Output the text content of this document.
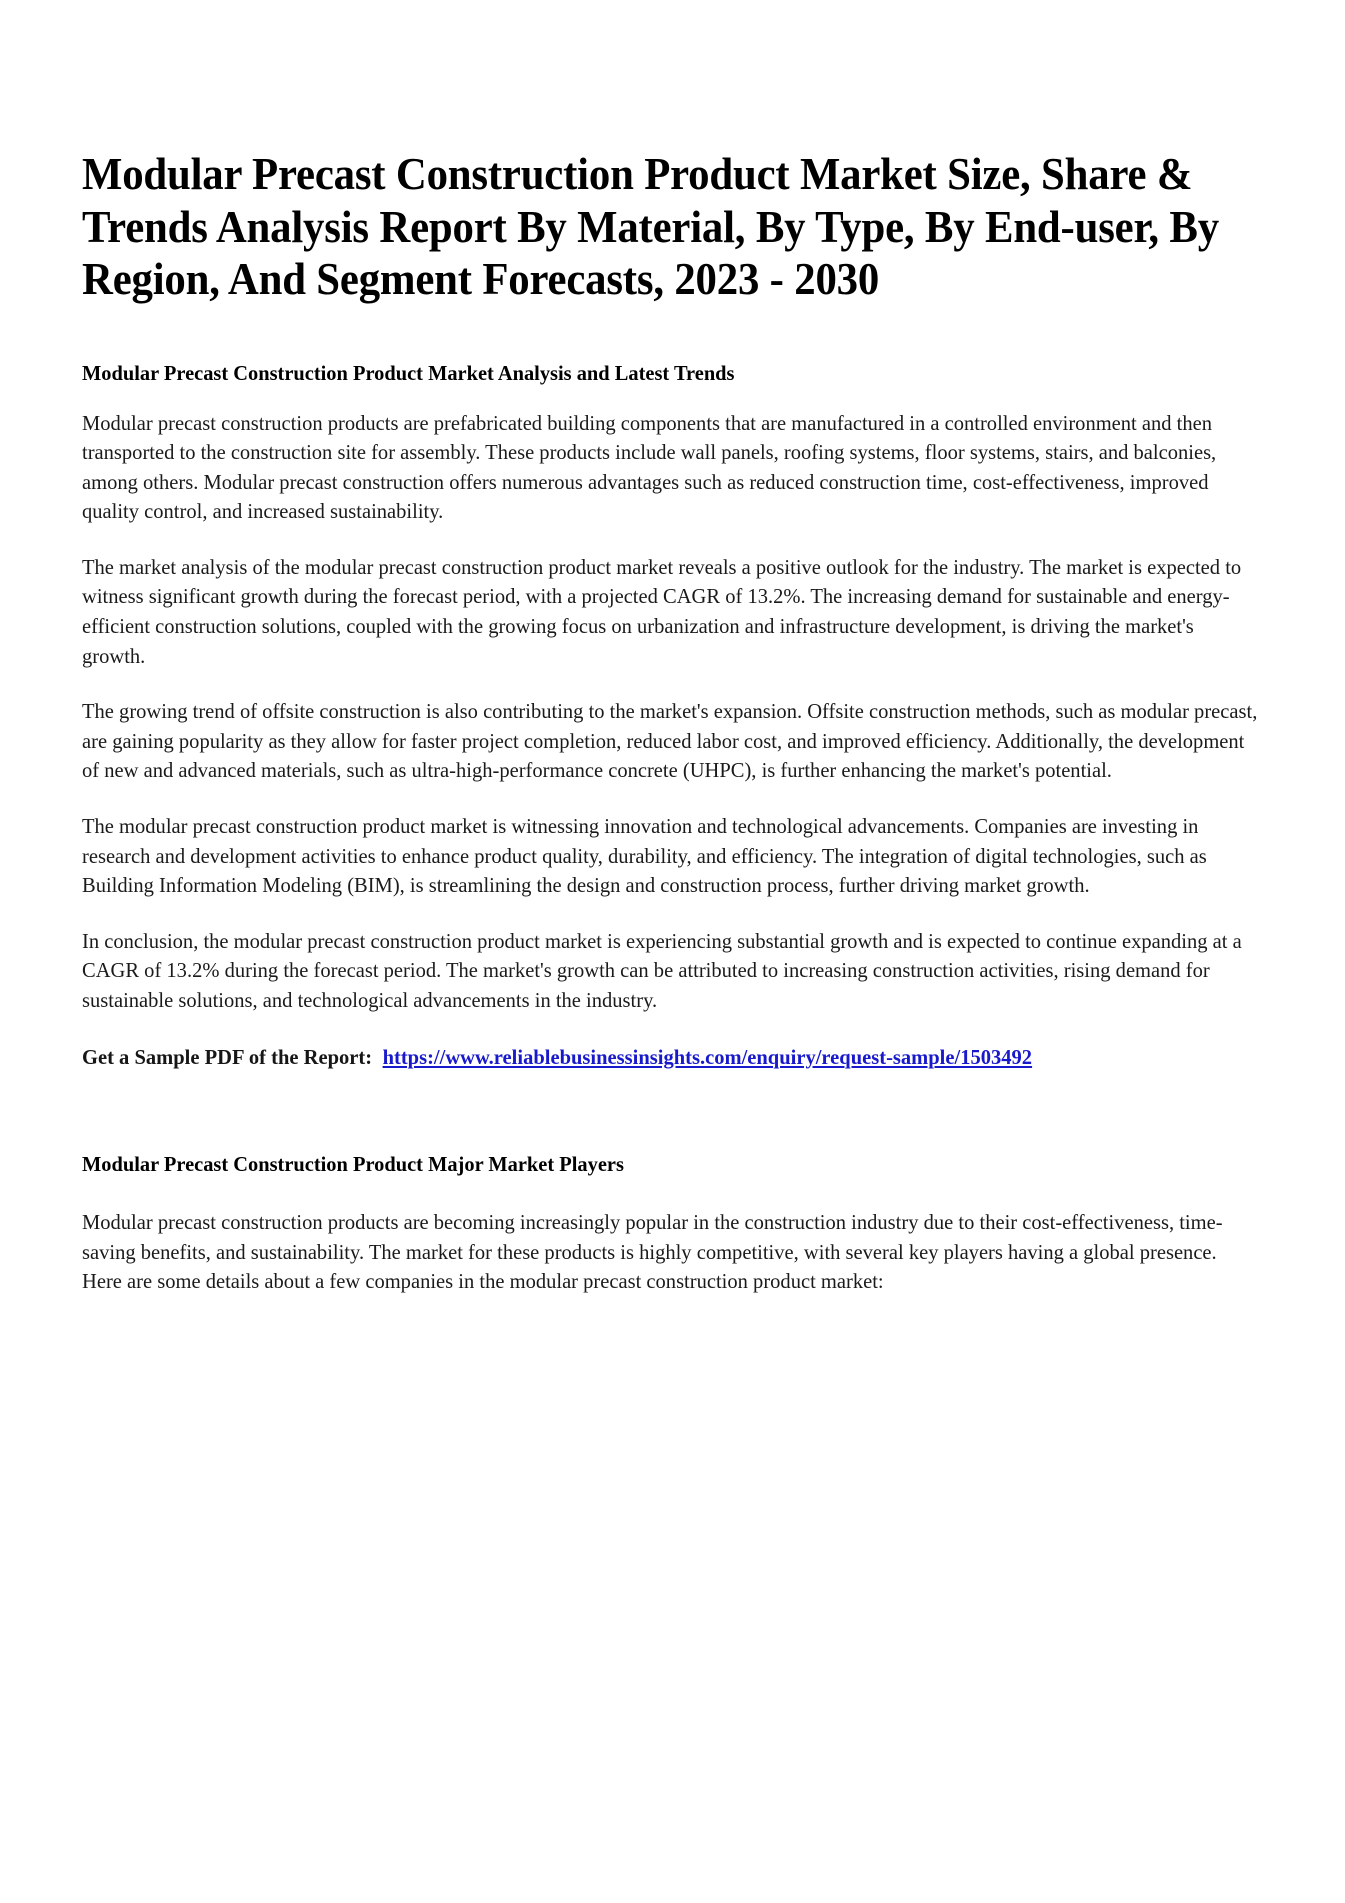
Modular Precast Construction Product Market Size, Share & Trends Analysis Report By Material, By Type, By End-user, By Region, And Segment Forecasts, 2023 - 2030
Modular Precast Construction Product Market Analysis and Latest Trends

Modular precast construction products are prefabricated building components that are manufactured in a controlled environment and then transported to the construction site for assembly. These products include wall panels, roofing systems, floor systems, stairs, and balconies, among others. Modular precast construction offers numerous advantages such as reduced construction time, cost-effectiveness, improved quality control, and increased sustainability.

The market analysis of the modular precast construction product market reveals a positive outlook for the industry. The market is expected to witness significant growth during the forecast period, with a projected CAGR of 13.2%. The increasing demand for sustainable and energy-efficient construction solutions, coupled with the growing focus on urbanization and infrastructure development, is driving the market's growth.

The growing trend of offsite construction is also contributing to the market's expansion. Offsite construction methods, such as modular precast, are gaining popularity as they allow for faster project completion, reduced labor cost, and improved efficiency. Additionally, the development of new and advanced materials, such as ultra-high-performance concrete (UHPC), is further enhancing the market's potential.

The modular precast construction product market is witnessing innovation and technological advancements. Companies are investing in research and development activities to enhance product quality, durability, and efficiency. The integration of digital technologies, such as Building Information Modeling (BIM), is streamlining the design and construction process, further driving market growth.

In conclusion, the modular precast construction product market is experiencing substantial growth and is expected to continue expanding at a CAGR of 13.2% during the forecast period. The market's growth can be attributed to increasing construction activities, rising demand for sustainable solutions, and technological advancements in the industry.

Get a Sample PDF of the Report: https://www.reliablebusinessinsights.com/enquiry/request-sample/1503492

Modular Precast Construction Product Major Market Players

Modular precast construction products are becoming increasingly popular in the construction industry due to their cost-effectiveness, time-saving benefits, and sustainability. The market for these products is highly competitive, with several key players having a global presence. Here are some details about a few companies in the modular precast construction product market:
